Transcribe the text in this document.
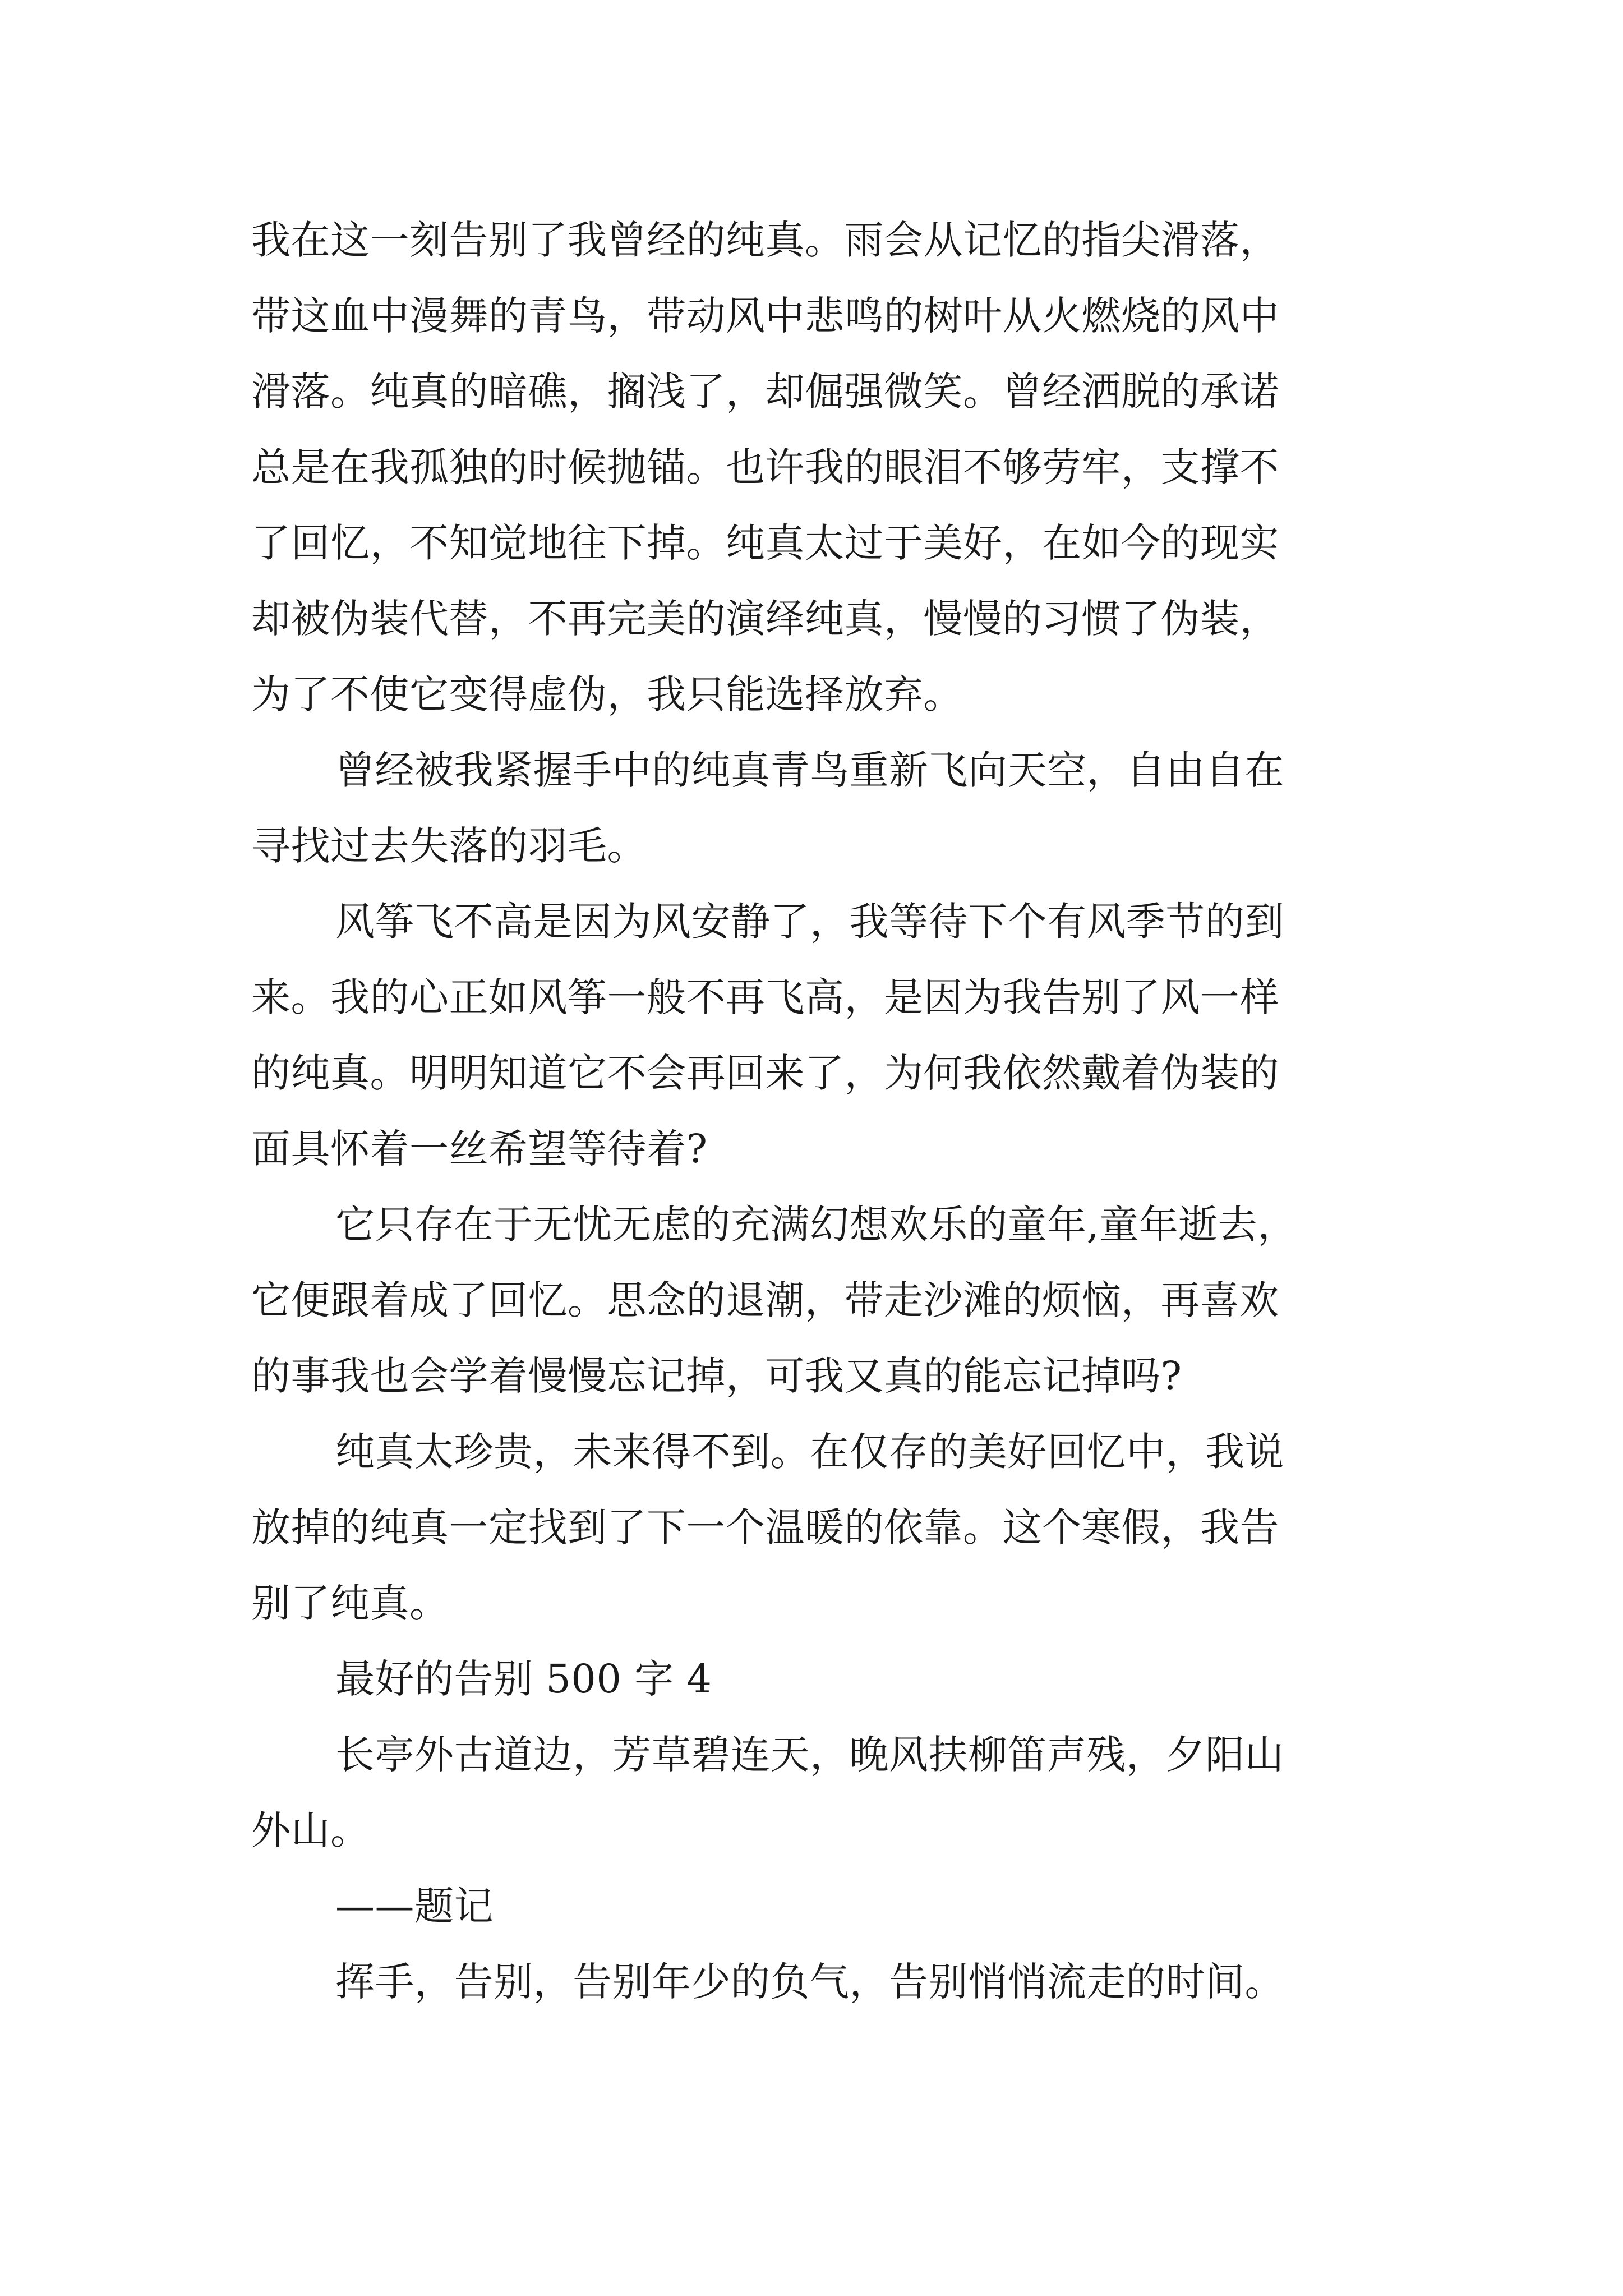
我在这一刻告别了我曾经的纯真。雨会从记忆的指尖滑落，
带这血中漫舞的青鸟，带动风中悲鸣的树叶从火燃烧的风中
滑落。纯真的暗礁，搁浅了，却倔强微笑。曾经洒脱的承诺
总是在我孤独的时候抛锚。也许我的眼泪不够劳牢，支撑不
了回忆，不知觉地往下掉。纯真太过于美好，在如今的现实
却被伪装代替，不再完美的演绎纯真，慢慢的习惯了伪装，
为了不使它变得虚伪，我只能选择放弃。
曾经被我紧握手中的纯真青鸟重新飞向天空，自由自在
寻找过去失落的羽毛。
风筝飞不高是因为风安静了，我等待下个有风季节的到
来。我的心正如风筝一般不再飞高，是因为我告别了风一样
的纯真。明明知道它不会再回来了，为何我依然戴着伪装的
面具怀着一丝希望等待着?
它只存在于无忧无虑的充满幻想欢乐的童年,童年逝去，
它便跟着成了回忆。思念的退潮，带走沙滩的烦恼，再喜欢
的事我也会学着慢慢忘记掉，可我又真的能忘记掉吗?
纯真太珍贵，未来得不到。在仅存的美好回忆中，我说
放掉的纯真一定找到了下一个温暖的依靠。这个寒假，我告
别了纯真。
最好的告别 500 字 4
长亭外古道边，芳草碧连天，晚风扶柳笛声残，夕阳山
外山。
——题记
挥手，告别，告别年少的负气，告别悄悄流走的时间。
